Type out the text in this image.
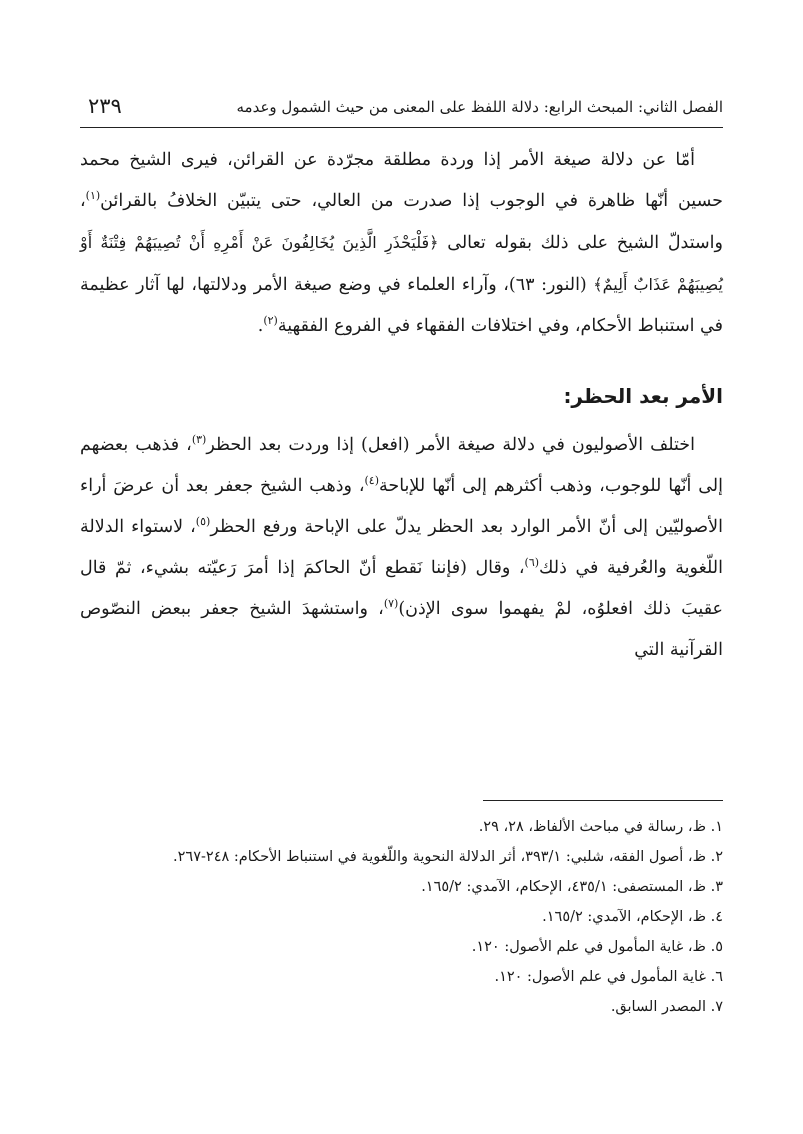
الفصل الثاني: المبحث الرابع: دلالة اللفظ على المعنى من حيث الشمول وعدمه
٢٣٩

أمّا عن دلالة صيغة الأمر إذا وردة مطلقة مجرّدة عن القرائن، فيرى الشيخ محمد حسين أنّها ظاهرة في الوجوب إذا صدرت من العالي، حتى يتبيّن الخلافُ بالقرائن$^{(١)}$، واستدلّ الشيخ على ذلك بقوله تعالى ﴿فَلْيَحْذَرِ الَّذِينَ يُخَالِفُونَ عَنْ أَمْرِهِ أَنْ تُصِيبَهُمْ فِتْنَةٌ أَوْ يُصِيبَهُمْ عَذَابٌ أَلِيمٌ﴾ (النور: ٦٣)، وآراء العلماء في وضع صيغة الأمر ودلالتها، لها آثار عظيمة في استنباط الأحكام، وفي اختلافات الفقهاء في الفروع الفقهية$^{(٢)}$.

الأمر بعد الحظر:

اختلف الأصوليون في دلالة صيغة الأمر (افعل) إذا وردت بعد الحظر$^{(٣)}$، فذهب بعضهم إلى أنّها للوجوب، وذهب أكثرهم إلى أنّها للإباحة$^{(٤)}$، وذهب الشيخ جعفر بعد أن عرضَ أراء الأصوليّين إلى أنّ الأمر الوارد بعد الحظر يدلّ على الإباحة ورفع الحظر$^{(٥)}$، لاستواء الدلالة اللّغوية والعُرفية في ذلك$^{(٦)}$، وقال (فإننا نَقطع أنّ الحاكمَ إذا أمرَ رَعيّته بشيء، ثمّ قال عقيبَ ذلك افعلوُه، لمْ يفهموا سوى الإذن)$^{(٧)}$، واستشهدَ الشيخ جعفر ببعض النصّوص القرآنية التي

١. ظ، رسالة في مباحث الألفاظ، ٢٨، ٢٩.
٢. ظ، أصول الفقه، شلبي: ٣٩٣/١، أثر الدلالة النحوية واللّغوية في استنباط الأحكام: ٢٤٨-٢٦٧.
٣. ظ، المستصفى: ٤٣٥/١، الإحكام، الآمدي: ١٦٥/٢.
٤. ظ، الإحكام، الآمدي: ١٦٥/٢.
٥. ظ، غاية المأمول في علم الأصول: ١٢٠.
٦. غاية المأمول في علم الأصول: ١٢٠.
٧. المصدر السابق.
